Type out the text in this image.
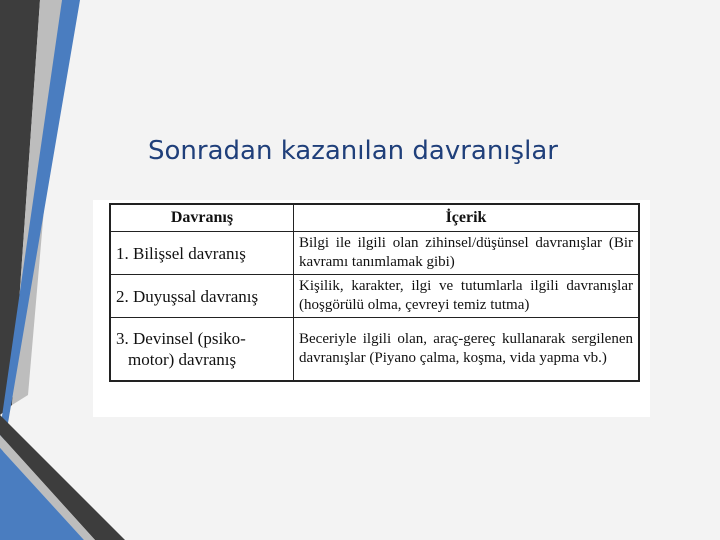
Sonradan kazanılan davranışlar
Davranış	İçerik
1. Bilişsel davranış	Bilgi ile ilgili olan zihinsel/düşünsel davranışlar (Bir kavramı tanımlamak gibi)
2. Duyuşsal davranış	Kişilik, karakter, ilgi ve tutumlarla ilgili davranışlar (hoşgörülü olma, çevreyi temiz tutma)

3. Devinsel (psiko-
motor) davranış	Beceriyle ilgili olan, araç-gereç kullanarak sergilenen davranışlar (Piyano çalma, koşma, vida yapma vb.)
